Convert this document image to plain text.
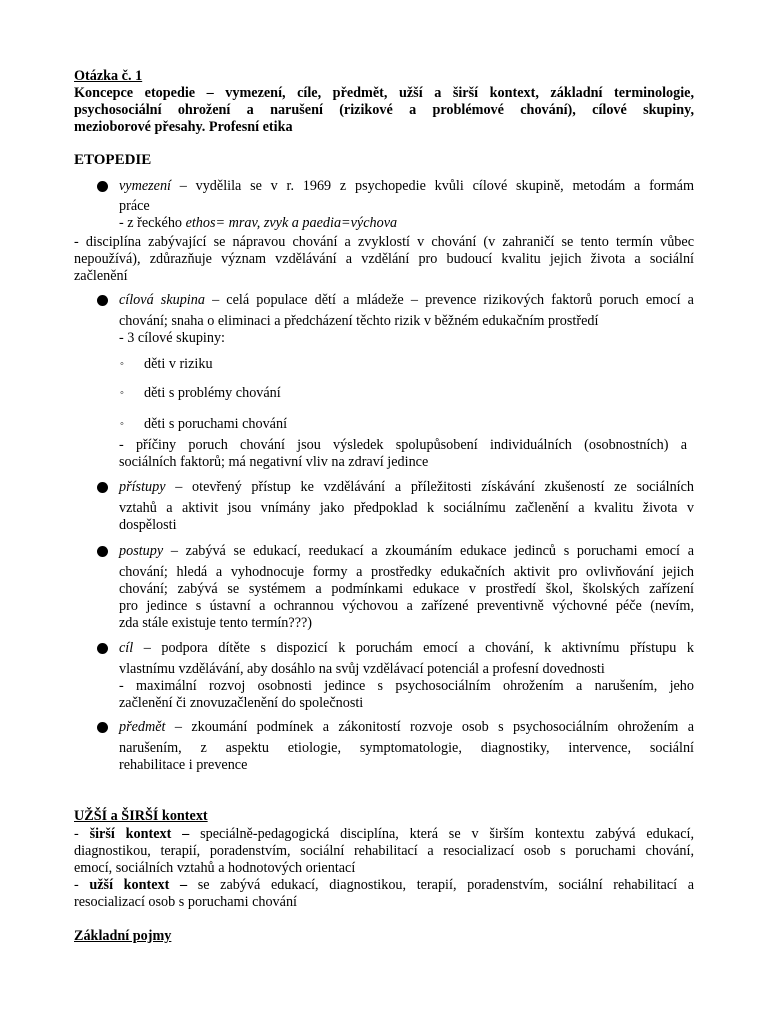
Otázka č. 1
Koncepce etopedie – vymezení, cíle, předmět, užší a širší kontext, základní terminologie,
psychosociální ohrožení a narušení (rizikové a problémové chování), cílové skupiny,
mezioborové přesahy. Profesní etika
ETOPEDIE
vymezení – vydělila se v r. 1969 z psychopedie kvůli cílové skupině, metodám a formám
práce
- z řeckého ethos= mrav, zvyk a paedia=výchova
- disciplína zabývající se nápravou chování a zvyklostí v chování (v zahraničí se tento termín vůbec
nepoužívá), zdůrazňuje význam vzdělávání a vzdělání pro budoucí kvalitu jejich života a sociální
začlenění
cílová skupina – celá populace dětí a mládeže – prevence rizikových faktorů poruch emocí a
chování; snaha o eliminaci a předcházení těchto rizik v běžném edukačním prostředí
- 3 cílové skupiny:
◦ děti v riziku
◦ děti s problémy chování
◦ děti s poruchami chování
- příčiny poruch chování jsou výsledek spolupůsobení individuálních (osobnostních) a
sociálních faktorů; má negativní vliv na zdraví jedince
přístupy – otevřený přístup ke vzdělávání a příležitosti získávání zkušeností ze sociálních
vztahů a aktivit jsou vnímány jako předpoklad k sociálnímu začlenění a kvalitu života v
dospělosti
postupy – zabývá se edukací, reedukací a zkoumáním edukace jedinců s poruchami emocí a
chování; hledá a vyhodnocuje formy a prostředky edukačních aktivit pro ovlivňování jejich
chování; zabývá se systémem a podmínkami edukace v prostředí škol, školských zařízení
pro jedince s ústavní a ochrannou výchovou a zařízené preventivně výchovné péče (nevím,
zda stále existuje tento termín???)
cíl – podpora dítěte s dispozicí k poruchám emocí a chování, k aktivnímu přístupu k
vlastnímu vzdělávání, aby dosáhlo na svůj vzdělávací potenciál a profesní dovednosti
- maximální rozvoj osobnosti jedince s psychosociálním ohrožením a narušením, jeho
začlenění či znovuzačlenění do společnosti
předmět – zkoumání podmínek a zákonitostí rozvoje osob s psychosociálním ohrožením a
narušením, z aspektu etiologie, symptomatologie, diagnostiky, intervence, sociální
rehabilitace i prevence
UŽŠÍ a ŠIRŠÍ kontext
- širší kontext – speciálně-pedagogická disciplína, která se v širším kontextu zabývá edukací,
diagnostikou, terapií, poradenstvím, sociální rehabilitací a resocializací osob s poruchami chování,
emocí, sociálních vztahů a hodnotových orientací
- užší kontext – se zabývá edukací, diagnostikou, terapií, poradenstvím, sociální rehabilitací a
resocializací osob s poruchami chování
Základní pojmy
